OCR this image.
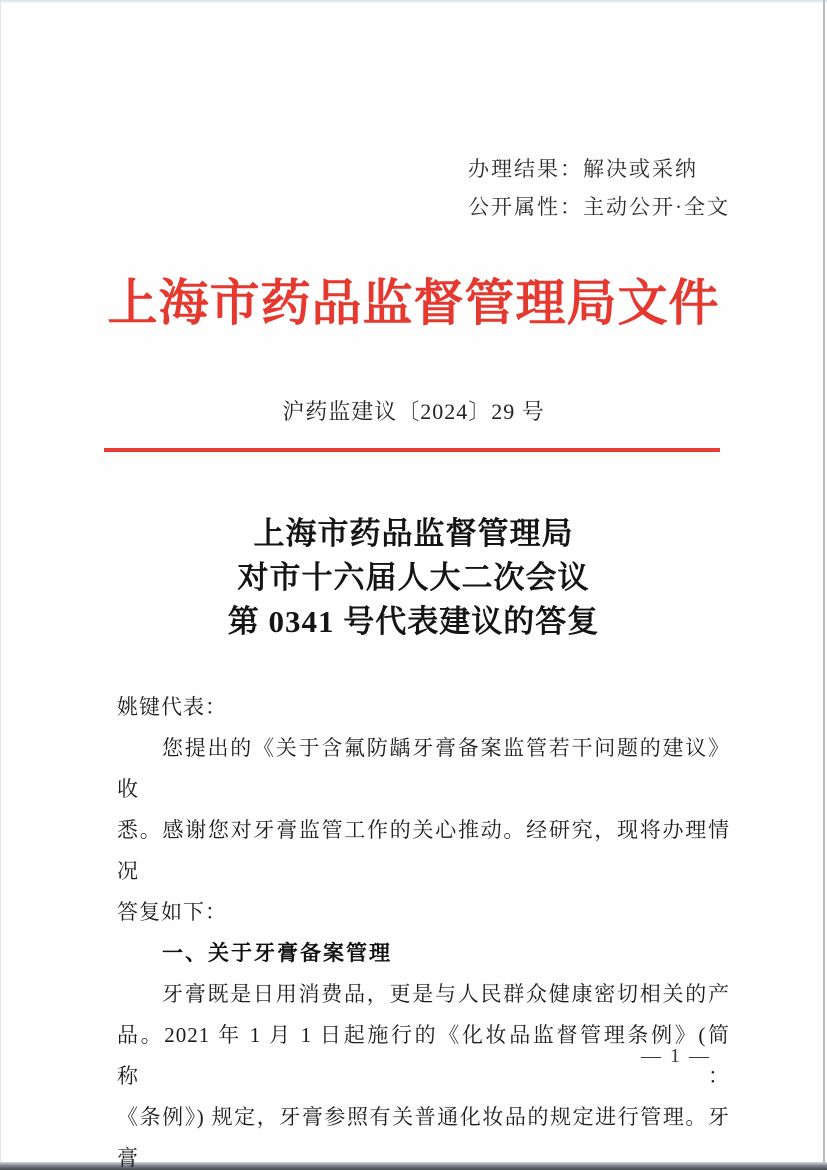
办理结果：解决或采纳
公开属性：主动公开·全文
上海市药品监督管理局文件
沪药监建议〔2024〕29 号
上海市药品监督管理局
对市十六届人大二次会议
第 0341 号代表建议的答复
姚键代表：
您提出的《关于含氟防龋牙膏备案监管若干问题的建议》收
悉。感谢您对牙膏监管工作的关心推动。经研究，现将办理情况
答复如下：
一、关于牙膏备案管理
牙膏既是日用消费品，更是与人民群众健康密切相关的产
品。2021 年 1 月 1 日起施行的《化妆品监督管理条例》(简称：
《条例》) 规定，牙膏参照有关普通化妆品的规定进行管理。牙膏
— 1 —
